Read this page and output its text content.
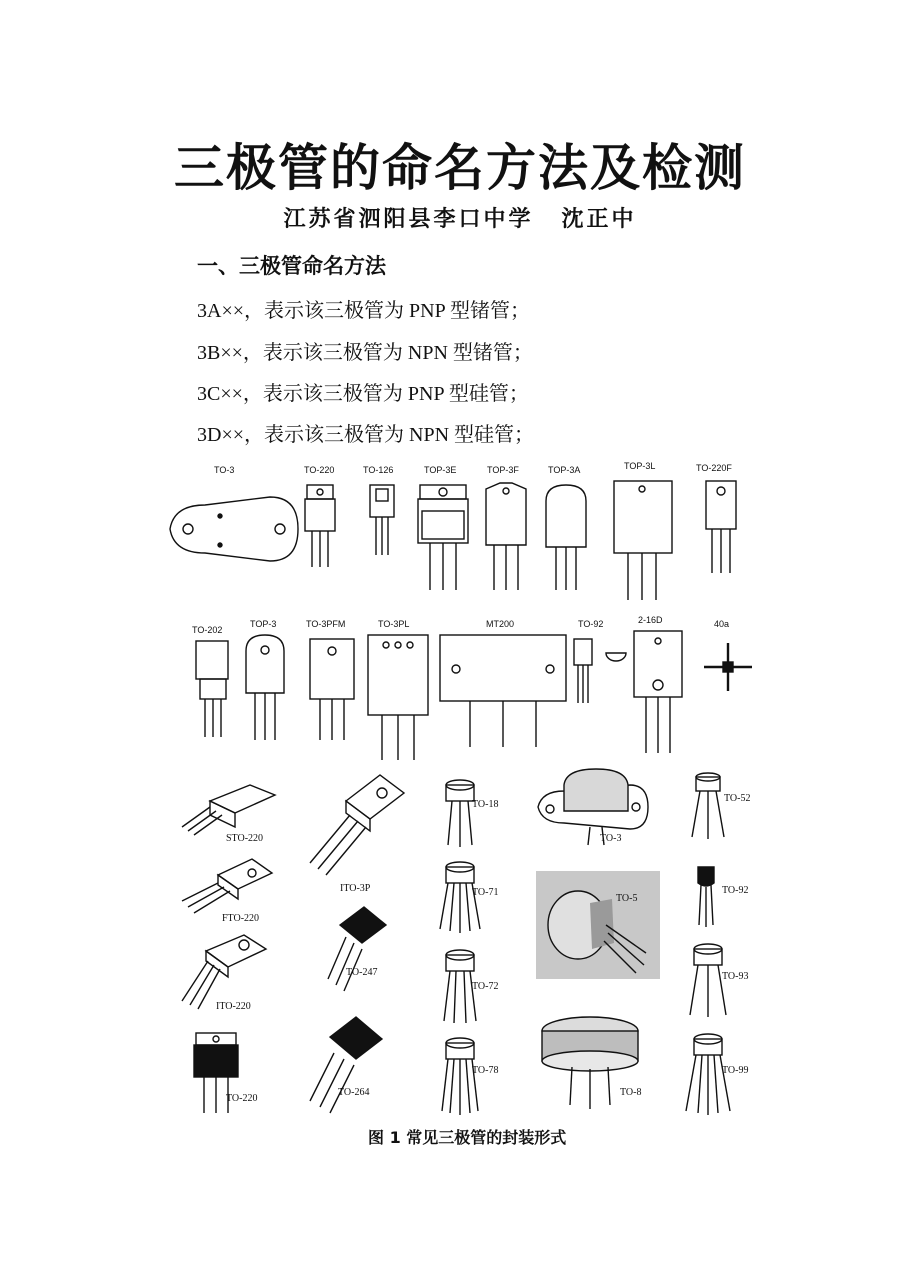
三极管的命名方法及检测
江苏省泗阳县李口中学 沈正中
一、三极管命名方法
3A××，表示该三极管为 PNP 型锗管；
3B××，表示该三极管为 NPN 型锗管；
3C××，表示该三极管为 PNP 型硅管；
3D××，表示该三极管为 NPN 型硅管；
TO-3	TO-220	TO-126	TOP-3E	TOP-3F	TOP-3A	TOP-3L	TO-220F
TO-202
TOP-3	TO-3PFM	TO-3PL	MT200	TO-92	2-16D	40a
STO-220
ITO-3P
FTO-220
TO-247
ITO-220
TO-220
TO-264
TO-18
TO-3
TO-52
TO-71
TO-5
TO-92
TO-72
TO-93
TO-78
TO-8
TO-99
图 1 常见三极管的封装形式
